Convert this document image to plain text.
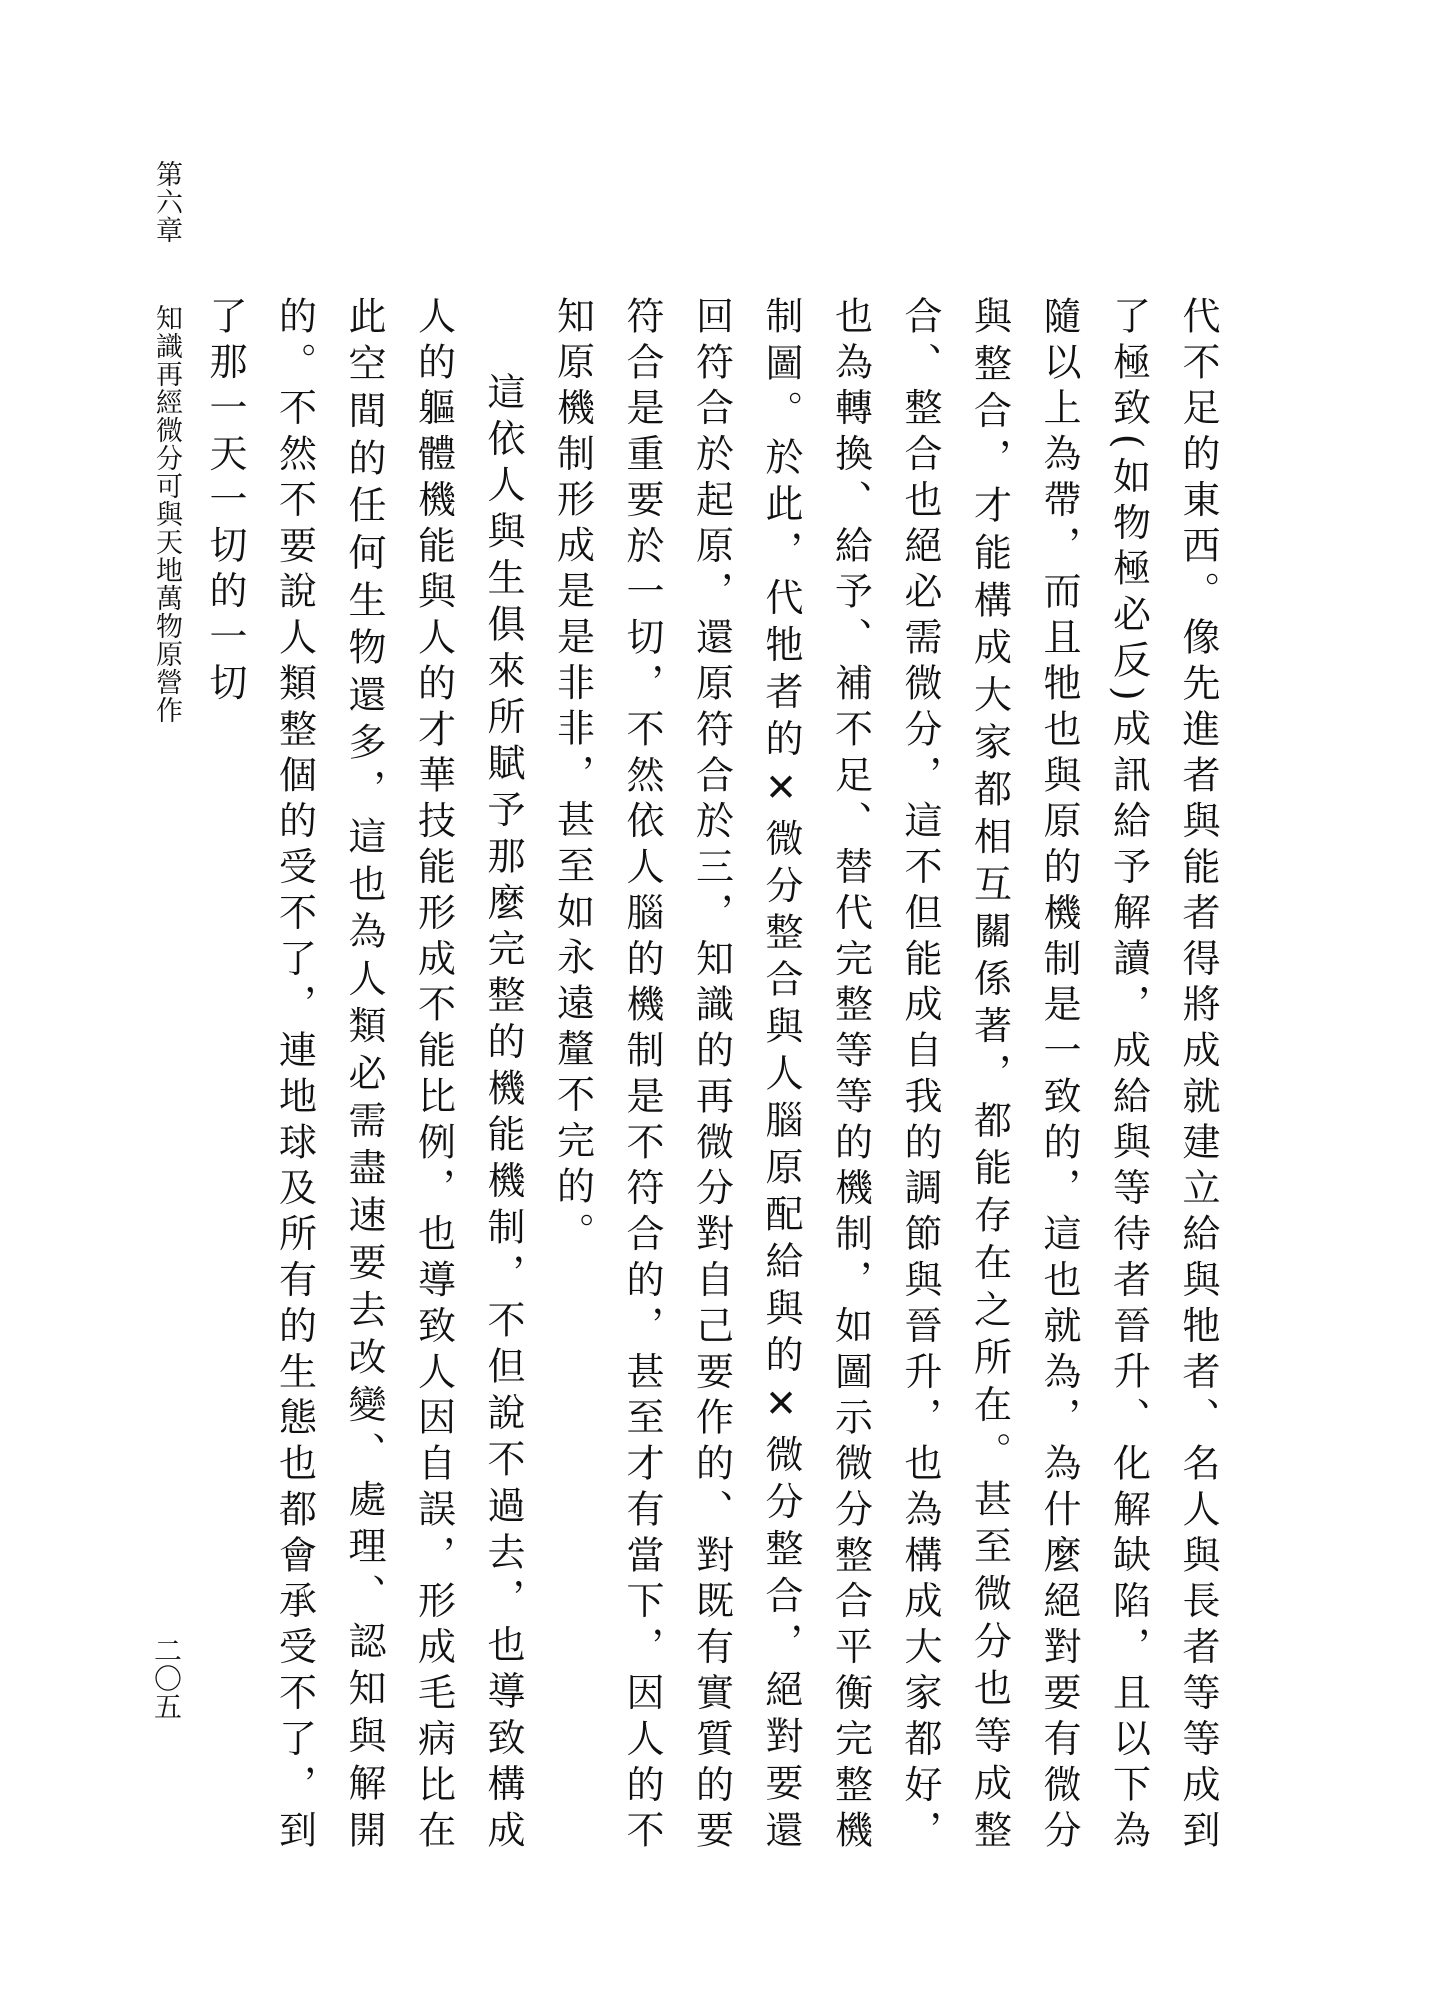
代不足的東西。像先進者與能者得將成就建立給與牠者、名人與長者等等成到了極致(如物極必反)成訊給予解讀，成給與等待者晉升、化解缺陷，且以下為隨以上為帶，而且牠也與原的機制是一致的，這也就為，為什麼絕對要有微分與整合，才能構成大家都相互關係著，都能存在之所在。甚至微分也等成整合、整合也絕必需微分，這不但能成自我的調節與晉升，也為構成大家都好，也為轉換、給予、補不足、替代完整等等的機制，如圖示微分整合平衡完整機制圖。於此，代牠者的✕微分整合與人腦原配給與的✕微分整合，絕對要還回符合於起原，還原符合於三，知識的再微分對自己要作的、對既有實質的要符合是重要於一切，不然依人腦的機制是不符合的，甚至才有當下，因人的不知原機制形成是是非非，甚至如永遠釐不完的。

這依人與生俱來所賦予那麼完整的機能機制，不但說不過去，也導致構成人的軀體機能與人的才華技能形成不能比例，也導致人因自誤，形成毛病比在此空間的任何生物還多，這也為人類必需盡速要去改變、處理、認知與解開的。不然不要說人類整個的受不了，連地球及所有的生態也都會承受不了，到了那一天一切的一切

第六章知識再經微分可與天地萬物原營作
二〇五
